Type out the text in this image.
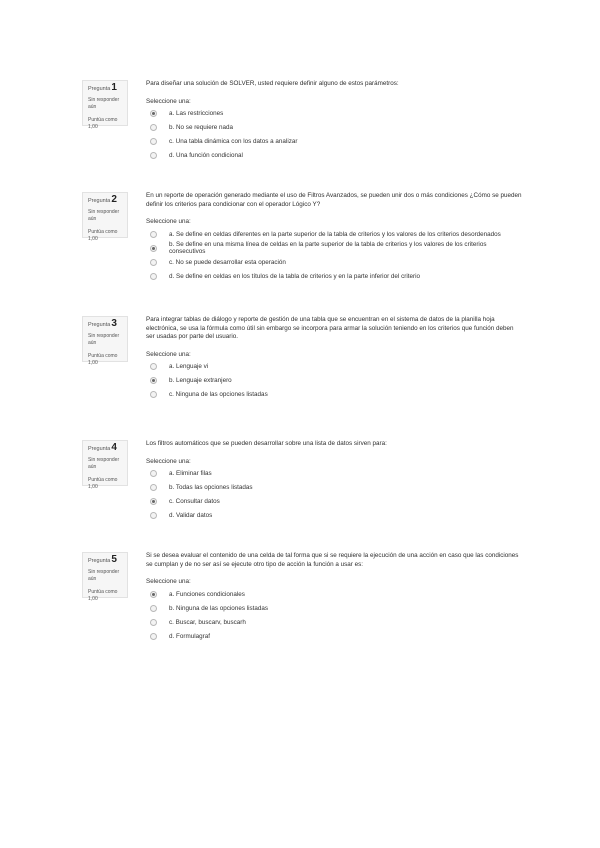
Pregunta1
Sin responder aún
Puntúa como 1,00
Para diseñar una solución de SOLVER, usted requiere definir alguno de estos parámetros:
Seleccione una:
a. Las restricciones
b. No se requiere nada
c. Una tabla dinámica con los datos a analizar
d. Una función condicional
Pregunta2
Sin responder aún
Puntúa como 1,00
En un reporte de operación generado mediante el uso de Filtros Avanzados, se pueden unir dos o más condiciones ¿Cómo se pueden definir los criterios para condicionar con el operador Lógico Y?
Seleccione una:
a. Se define en celdas diferentes en la parte superior de la tabla de criterios y los valores de los criterios desordenados
b. Se define en una misma línea de celdas en la parte superior de la tabla de criterios y los valores de los criterios consecutivos
c. No se puede desarrollar esta operación
d. Se define en celdas en los títulos de la tabla de criterios y en la parte inferior del criterio
Pregunta3
Sin responder aún
Puntúa como 1,00
Para integrar tablas de diálogo y reporte de gestión de una tabla que se encuentran en el sistema de datos de la planilla hoja electrónica, se usa la fórmula como útil sin embargo se incorpora para armar la solución teniendo en los criterios que función deben ser usadas por parte del usuario.
Seleccione una:
a. Lenguaje vi
b. Lenguaje extranjero
c. Ninguna de las opciones listadas
Pregunta4
Sin responder aún
Puntúa como 1,00
Los filtros automáticos que se pueden desarrollar sobre una lista de datos sirven para:
Seleccione una:
a. Eliminar filas
b. Todas las opciones listadas
c. Consultar datos
d. Validar datos
Pregunta5
Sin responder aún
Puntúa como 1,00
Si se desea evaluar el contenido de una celda de tal forma que si se requiere la ejecución de una acción en caso que las condiciones se cumplan y de no ser así se ejecute otro tipo de acción la función a usar es:
Seleccione una:
a. Funciones condicionales
b. Ninguna de las opciones listadas
c. Buscar, buscarv, buscarh
d. Formulagraf
